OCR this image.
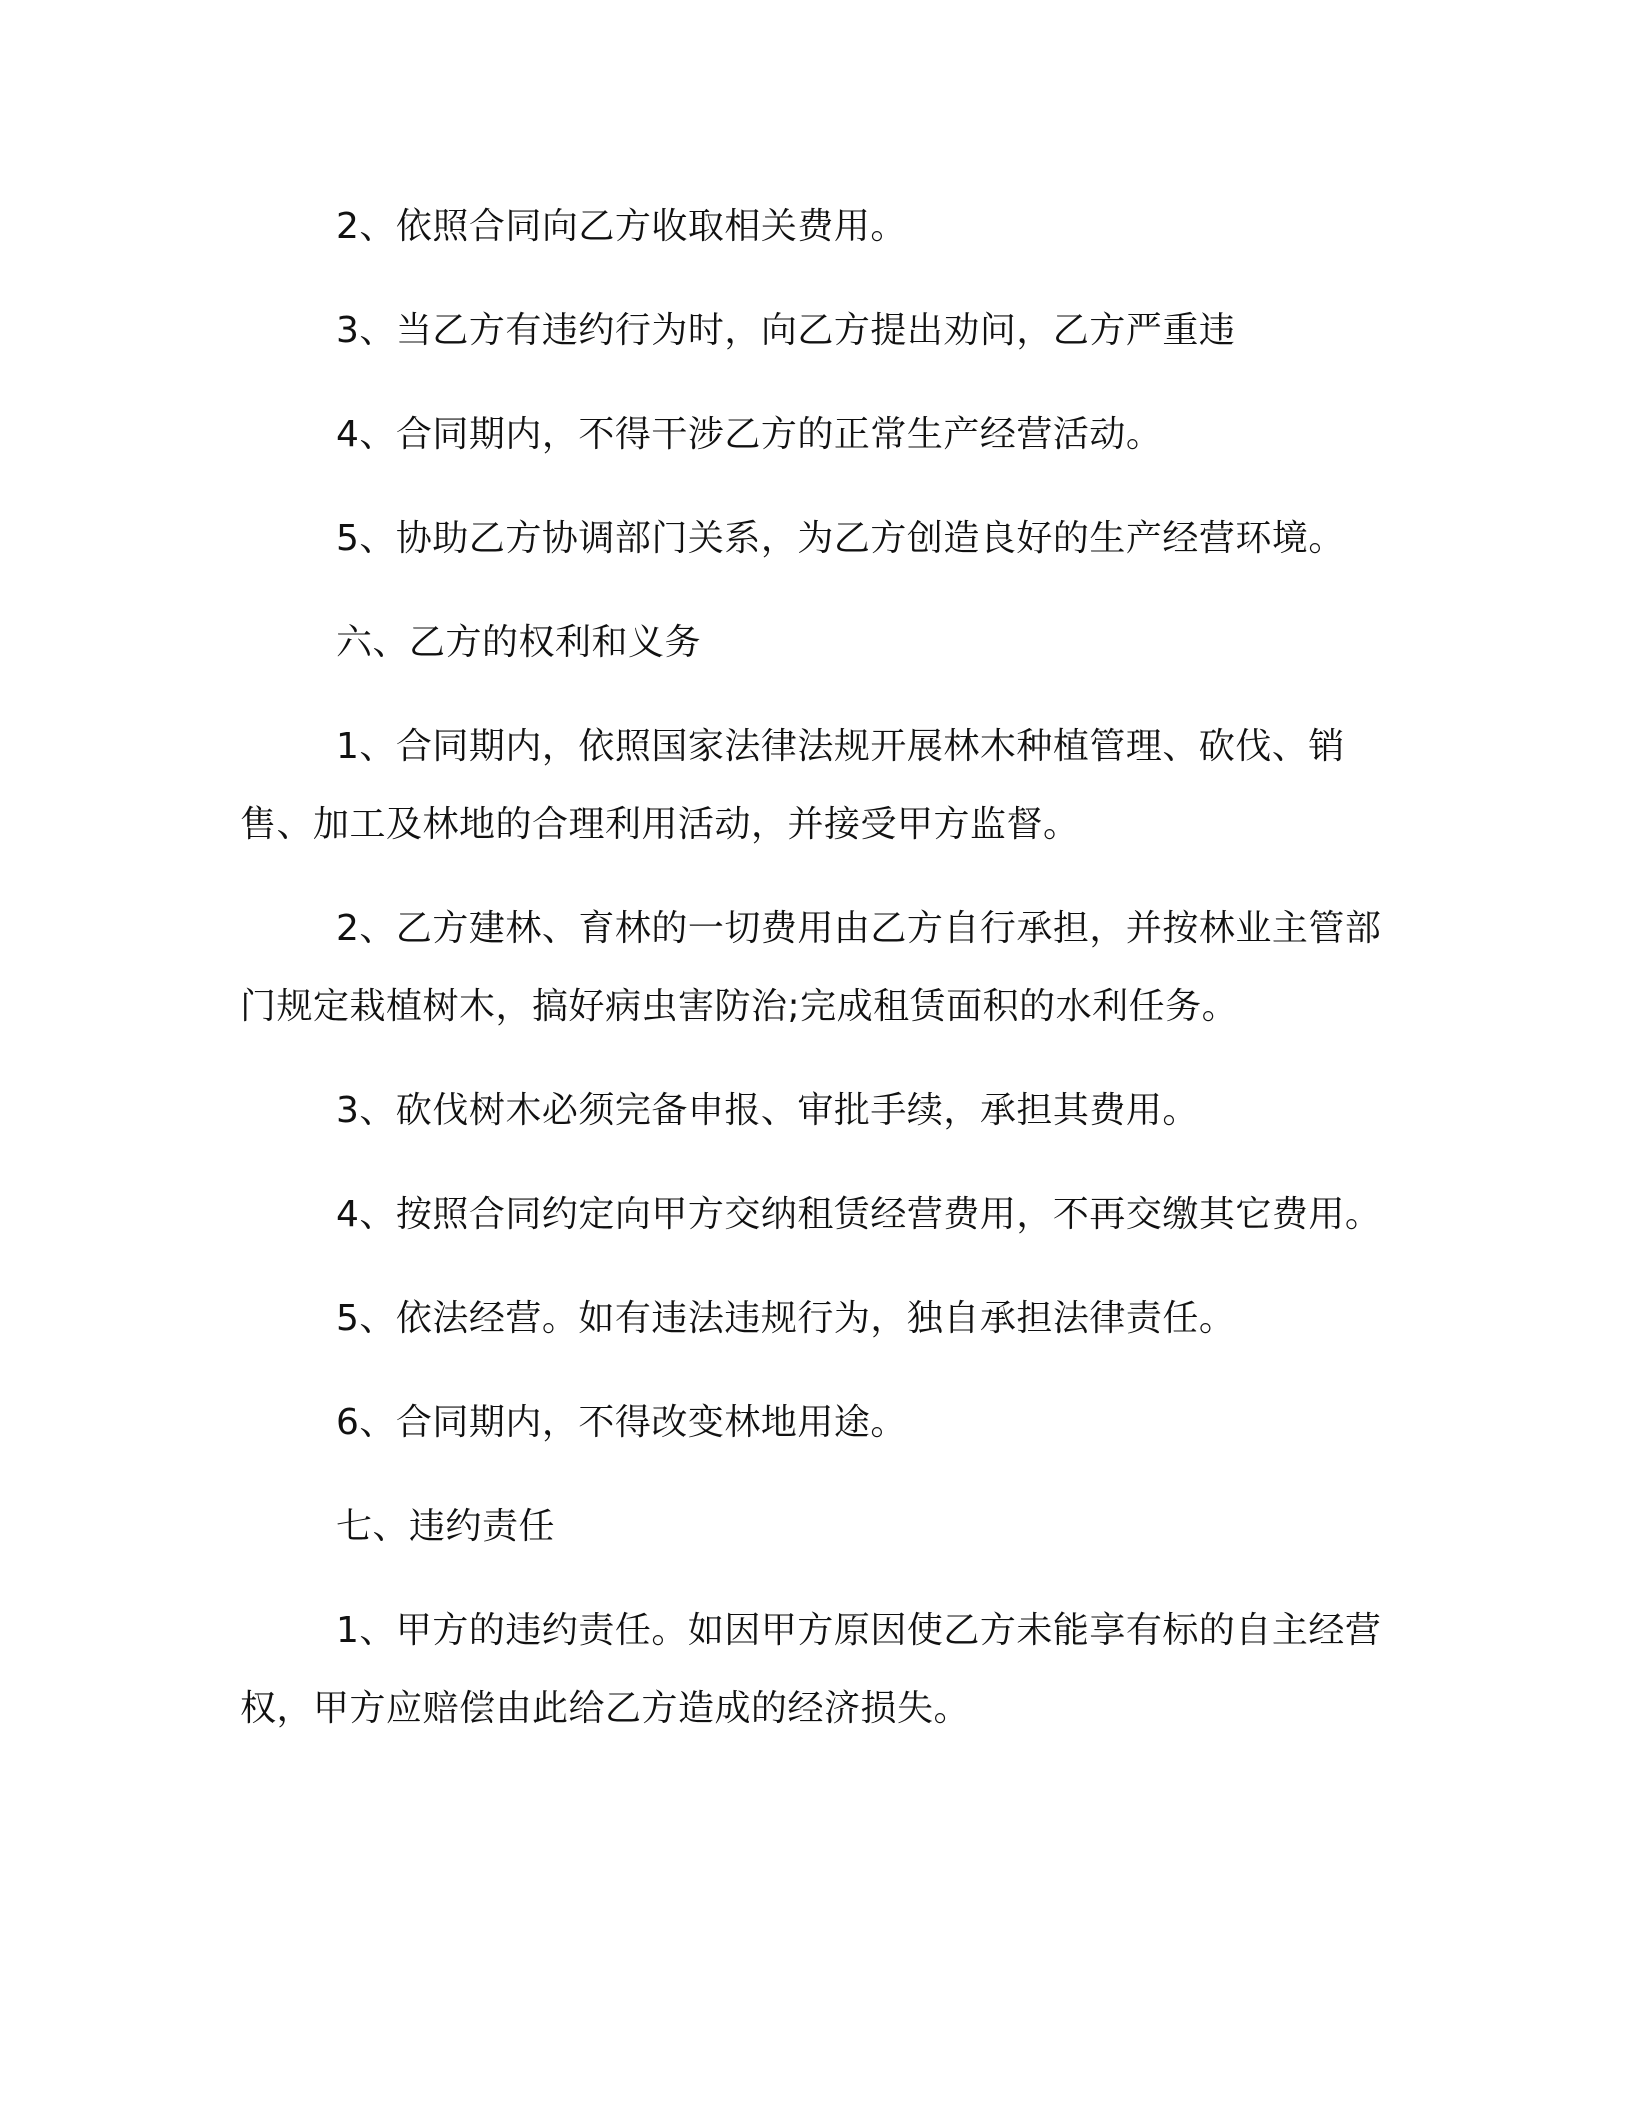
2、依照合同向乙方收取相关费用。

3、当乙方有违约行为时，向乙方提出劝问，乙方严重违

4、合同期内，不得干涉乙方的正常生产经营活动。

5、协助乙方协调部门关系，为乙方创造良好的生产经营环境。

六、乙方的权利和义务

1、合同期内，依照国家法律法规开展林木种植管理、砍伐、销售、加工及林地的合理利用活动，并接受甲方监督。

2、乙方建林、育林的一切费用由乙方自行承担，并按林业主管部门规定栽植树木，搞好病虫害防治;完成租赁面积的水利任务。

3、砍伐树木必须完备申报、审批手续，承担其费用。

4、按照合同约定向甲方交纳租赁经营费用，不再交缴其它费用。

5、依法经营。如有违法违规行为，独自承担法律责任。

6、合同期内，不得改变林地用途。

七、违约责任

1、甲方的违约责任。如因甲方原因使乙方未能享有标的自主经营权，甲方应赔偿由此给乙方造成的经济损失。
